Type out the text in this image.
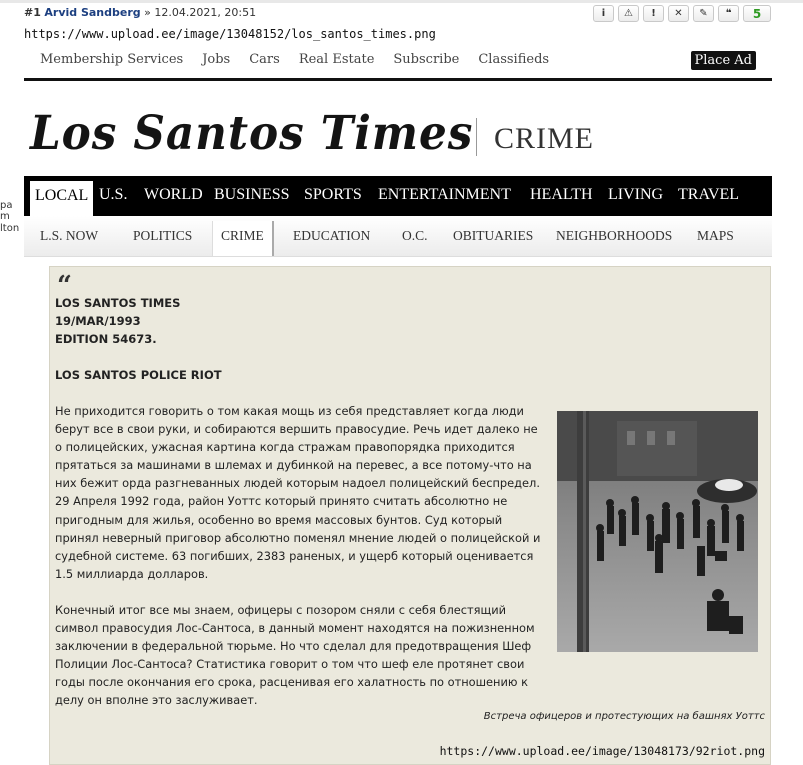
#1 Arvid Sandberg » 12.04.2021, 20:51	i	⚠	!	✕	✎	❝	5
https://www.upload.ee/image/13048152/los_santos_times.png
pa
m
lton
Membership Services Jobs Cars Real Estate Subscribe Classifieds	Place Ad
Los Santos Times CRIME
LOCAL U.S. WORLD BUSINESS SPORTS ENTERTAINMENT HEALTH LIVING TRAVEL
L.S. NOW	POLITICS	CRIME	EDUCATION O.C. OBITUARIES NEIGHBORHOODS MAPS
“
LOS SANTOS TIMES
19/MAR/1993
EDITION 54673.
LOS SANTOS POLICE RIOT

Не приходится говорить о том какая мощь из себя представляет когда люди берут все в свои руки, и собираются вершить правосудие. Речь идет далеко не о полицейских, ужасная картина когда стражам правопорядка приходится прятаться за машинами в шлемах и дубинкой на перевес, а все потому-что на них бежит орда разгневанных людей которым надоел полицейский беспредел. 29 Апреля 1992 года, район Уоттс который принято считать абсолютно не пригодным для жилья, особенно во время массовых бунтов. Суд который принял неверный приговор абсолютно поменял мнение людей о полицейской и судебной системе. 63 погибших, 2383 раненых, и ущерб который оценивается 1.5 миллиарда долларов.

Конечный итог все мы знаем, офицеры с позором сняли с себя блестящий символ правосудия Лос-Сантоса, в данный момент находятся на пожизненном заключении в федеральной тюрьме. Но что сделал для предотвращения Шеф Полиции Лос-Сантоса? Статистика говорит о том что шеф еле протянет свои годы после окончания его срока, расценивая его халатность по отношению к делу он вполне это заслуживает.

Встреча офицеров и протестующих на башнях Уоттс
https://www.upload.ee/image/13048173/92riot.png
